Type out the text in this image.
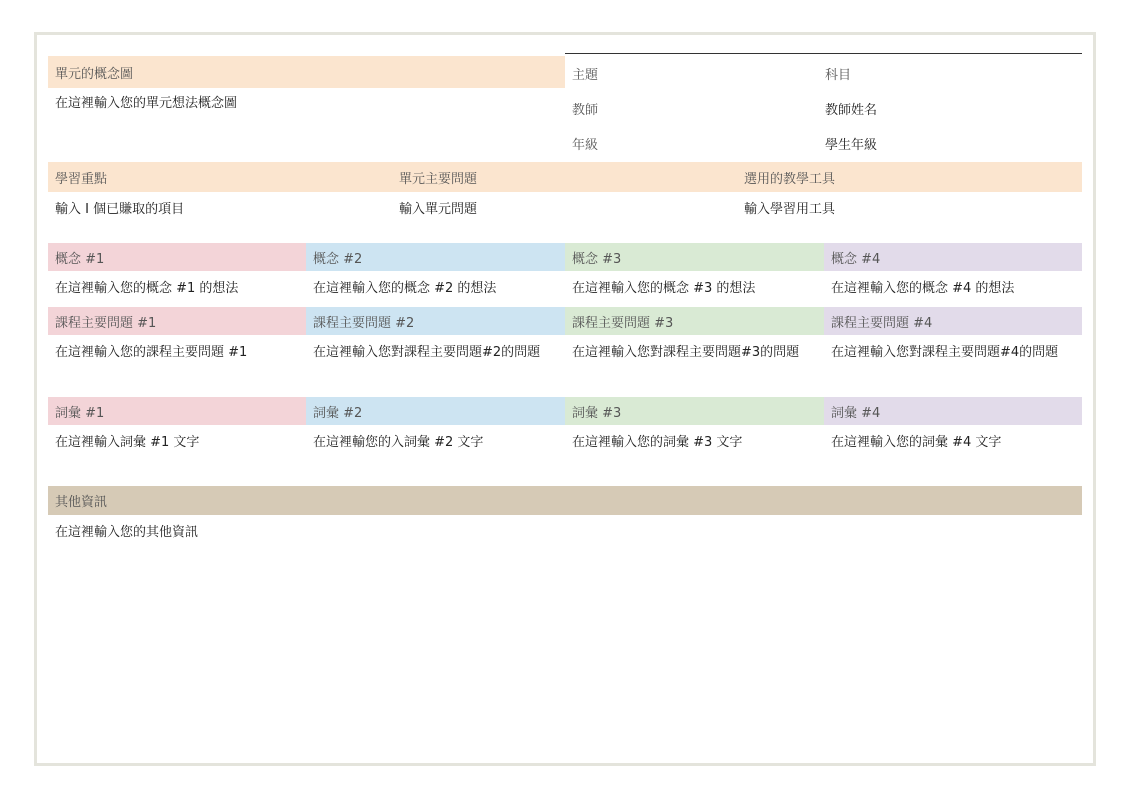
單元的概念圖
在這裡輸入您的單元想法概念圖
主題	科目
教師	教師姓名
年級	學生年級
學習重點	單元主要問題	選用的教學工具
輸入 I 個已賺取的項目	輸入單元問題	輸入學習用工具
概念 #1	概念 #2	概念 #3	概念 #4
在這裡輸入您的概念 #1 的想法	在這裡輸入您的概念 #2 的想法	在這裡輸入您的概念 #3 的想法	在這裡輸入您的概念 #4 的想法
課程主要問題 #1	課程主要問題 #2	課程主要問題 #3	課程主要問題 #4
在這裡輸入您的課程主要問題 #1	在這裡輸入您對課程主要問題#2的問題	在這裡輸入您對課程主要問題#3的問題	在這裡輸入您對課程主要問題#4的問題
詞彙 #1	詞彙 #2	詞彙 #3	詞彙 #4
在這裡輸入詞彙 #1 文字	在這裡輸您的入詞彙 #2 文字	在這裡輸入您的詞彙 #3 文字	在這裡輸入您的詞彙 #4 文字
其他資訊
在這裡輸入您的其他資訊
